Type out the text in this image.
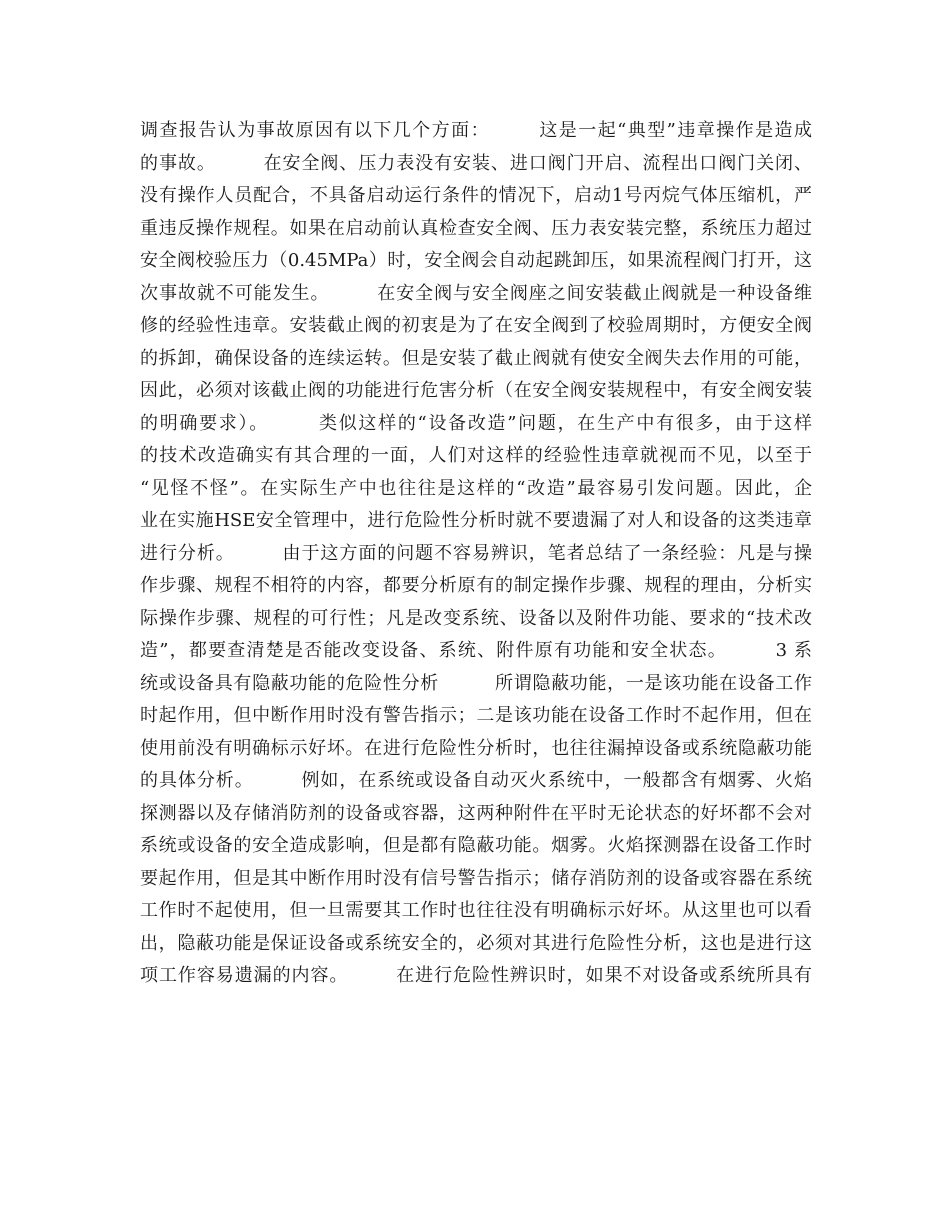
调查报告认为事故原因有以下几个方面：　　　这是一起“典型”违章操作是造成
的事故。　　　在安全阀、压力表没有安装、进口阀门开启、流程出口阀门关闭、
没有操作人员配合，不具备启动运行条件的情况下，启动1号丙烷气体压缩机，严
重违反操作规程。如果在启动前认真检查安全阀、压力表安装完整，系统压力超过
安全阀校验压力（0.45MPa）时，安全阀会自动起跳卸压，如果流程阀门打开，这
次事故就不可能发生。　　　在安全阀与安全阀座之间安装截止阀就是一种设备维
修的经验性违章。安装截止阀的初衷是为了在安全阀到了校验周期时，方便安全阀
的拆卸，确保设备的连续运转。但是安装了截止阀就有使安全阀失去作用的可能，
因此，必须对该截止阀的功能进行危害分析（在安全阀安装规程中，有安全阀安装
的明确要求）。　　　类似这样的“设备改造”问题，在生产中有很多，由于这样
的技术改造确实有其合理的一面，人们对这样的经验性违章就视而不见，以至于
“见怪不怪”。在实际生产中也往往是这样的“改造”最容易引发问题。因此，企
业在实施HSE安全管理中，进行危险性分析时就不要遗漏了对人和设备的这类违章
进行分析。　　　由于这方面的问题不容易辨识，笔者总结了一条经验：凡是与操
作步骤、规程不相符的内容，都要分析原有的制定操作步骤、规程的理由，分析实
际操作步骤、规程的可行性；凡是改变系统、设备以及附件功能、要求的“技术改
造”，都要查清楚是否能改变设备、系统、附件原有功能和安全状态。　　　3 系
统或设备具有隐蔽功能的危险性分析　　　所谓隐蔽功能，一是该功能在设备工作
时起作用，但中断作用时没有警告指示；二是该功能在设备工作时不起作用，但在
使用前没有明确标示好坏。在进行危险性分析时，也往往漏掉设备或系统隐蔽功能
的具体分析。　　　例如，在系统或设备自动灭火系统中，一般都含有烟雾、火焰
探测器以及存储消防剂的设备或容器，这两种附件在平时无论状态的好坏都不会对
系统或设备的安全造成影响，但是都有隐蔽功能。烟雾。火焰探测器在设备工作时
要起作用，但是其中断作用时没有信号警告指示；储存消防剂的设备或容器在系统
工作时不起使用，但一旦需要其工作时也往往没有明确标示好坏。从这里也可以看
出，隐蔽功能是保证设备或系统安全的，必须对其进行危险性分析，这也是进行这
项工作容易遗漏的内容。　　　在进行危险性辨识时，如果不对设备或系统所具有
